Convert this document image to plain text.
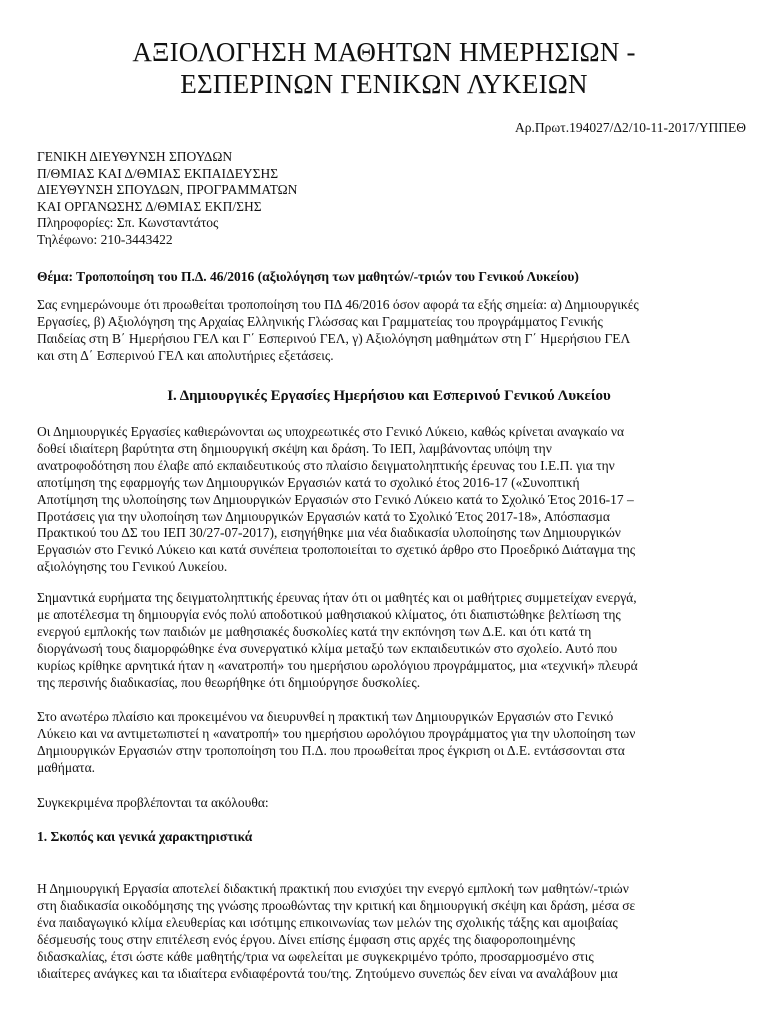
ΑΞΙΟΛΟΓΗΣΗ ΜΑΘΗΤΩΝ ΗΜΕΡΗΣΙΩΝ -
ΕΣΠΕΡΙΝΩΝ ΓΕΝΙΚΩΝ ΛΥΚΕΙΩΝ
Αρ.Πρωτ.194027/Δ2/10-11-2017/ΥΠΠΕΘ
ΓΕΝΙΚΗ ΔΙΕΥΘΥΝΣΗ ΣΠΟΥΔΩΝ
Π/ΘΜΙΑΣ ΚΑΙ Δ/ΘΜΙΑΣ ΕΚΠΑΙΔΕΥΣΗΣ
ΔΙΕΥΘΥΝΣΗ ΣΠΟΥΔΩΝ, ΠΡΟΓΡΑΜΜΑΤΩΝ
ΚΑΙ ΟΡΓΑΝΩΣΗΣ Δ/ΘΜΙΑΣ ΕΚΠ/ΣΗΣ
Πληροφορίες: Σπ. Κωνσταντάτος
Τηλέφωνο: 210-3443422
Θέμα: Τροποποίηση του Π.Δ. 46/2016 (αξιολόγηση των μαθητών/-τριών του Γενικού Λυκείου)
Σας ενημερώνουμε ότι προωθείται τροποποίηση του ΠΔ 46/2016 όσον αφορά τα εξής σημεία: α) Δημιουργικές
Εργασίες, β) Αξιολόγηση της Αρχαίας Ελληνικής Γλώσσας και Γραμματείας του προγράμματος Γενικής
Παιδείας στη Β΄ Ημερήσιου ΓΕΛ και Γ΄ Εσπερινού ΓΕΛ, γ) Αξιολόγηση μαθημάτων στη Γ΄ Ημερήσιου ΓΕΛ
και στη Δ΄ Εσπερινού ΓΕΛ και απολυτήριες εξετάσεις.
Ι. Δημιουργικές Εργασίες Ημερήσιου και Εσπερινού Γενικού Λυκείου
Οι Δημιουργικές Εργασίες καθιερώνονται ως υποχρεωτικές στο Γενικό Λύκειο, καθώς κρίνεται αναγκαίο να
δοθεί ιδιαίτερη βαρύτητα στη δημιουργική σκέψη και δράση. Το ΙΕΠ, λαμβάνοντας υπόψη την
ανατροφοδότηση που έλαβε από εκπαιδευτικούς στο πλαίσιο δειγματοληπτικής έρευνας του Ι.Ε.Π. για την
αποτίμηση της εφαρμογής των Δημιουργικών Εργασιών κατά το σχολικό έτος 2016-17 («Συνοπτική
Αποτίμηση της υλοποίησης των Δημιουργικών Εργασιών στο Γενικό Λύκειο κατά το Σχολικό Έτος 2016-17 –
Προτάσεις για την υλοποίηση των Δημιουργικών Εργασιών κατά το Σχολικό Έτος 2017-18», Απόσπασμα
Πρακτικού του ΔΣ του ΙΕΠ 30/27-07-2017), εισηγήθηκε μια νέα διαδικασία υλοποίησης των Δημιουργικών
Εργασιών στο Γενικό Λύκειο και κατά συνέπεια τροποποιείται το σχετικό άρθρο στο Προεδρικό Διάταγμα της
αξιολόγησης του Γενικού Λυκείου.
Σημαντικά ευρήματα της δειγματοληπτικής έρευνας ήταν ότι οι μαθητές και οι μαθήτριες συμμετείχαν ενεργά,
με αποτέλεσμα τη δημιουργία ενός πολύ αποδοτικού μαθησιακού κλίματος, ότι διαπιστώθηκε βελτίωση της
ενεργού εμπλοκής των παιδιών με μαθησιακές δυσκολίες κατά την εκπόνηση των Δ.Ε. και ότι κατά τη
διοργάνωσή τους διαμορφώθηκε ένα συνεργατικό κλίμα μεταξύ των εκπαιδευτικών στο σχολείο. Αυτό που
κυρίως κρίθηκε αρνητικά ήταν η «ανατροπή» του ημερήσιου ωρολόγιου προγράμματος, μια «τεχνική» πλευρά
της περσινής διαδικασίας, που θεωρήθηκε ότι δημιούργησε δυσκολίες.
Στο ανωτέρω πλαίσιο και προκειμένου να διευρυνθεί η πρακτική των Δημιουργικών Εργασιών στο Γενικό
Λύκειο και να αντιμετωπιστεί η «ανατροπή» του ημερήσιου ωρολόγιου προγράμματος για την υλοποίηση των
Δημιουργικών Εργασιών στην τροποποίηση του Π.Δ. που προωθείται προς έγκριση οι Δ.Ε. εντάσσονται στα
μαθήματα.
Συγκεκριμένα προβλέπονται τα ακόλουθα:
1. Σκοπός και γενικά χαρακτηριστικά
Η Δημιουργική Εργασία αποτελεί διδακτική πρακτική που ενισχύει την ενεργό εμπλοκή των μαθητών/-τριών
στη διαδικασία οικοδόμησης της γνώσης προωθώντας την κριτική και δημιουργική σκέψη και δράση, μέσα σε
ένα παιδαγωγικό κλίμα ελευθερίας και ισότιμης επικοινωνίας των μελών της σχολικής τάξης και αμοιβαίας
δέσμευσής τους στην επιτέλεση ενός έργου. Δίνει επίσης έμφαση στις αρχές της διαφοροποιημένης
διδασκαλίας, έτσι ώστε κάθε μαθητής/τρια να ωφελείται με συγκεκριμένο τρόπο, προσαρμοσμένο στις
ιδιαίτερες ανάγκες και τα ιδιαίτερα ενδιαφέροντά του/της. Ζητούμενο συνεπώς δεν είναι να αναλάβουν μια
